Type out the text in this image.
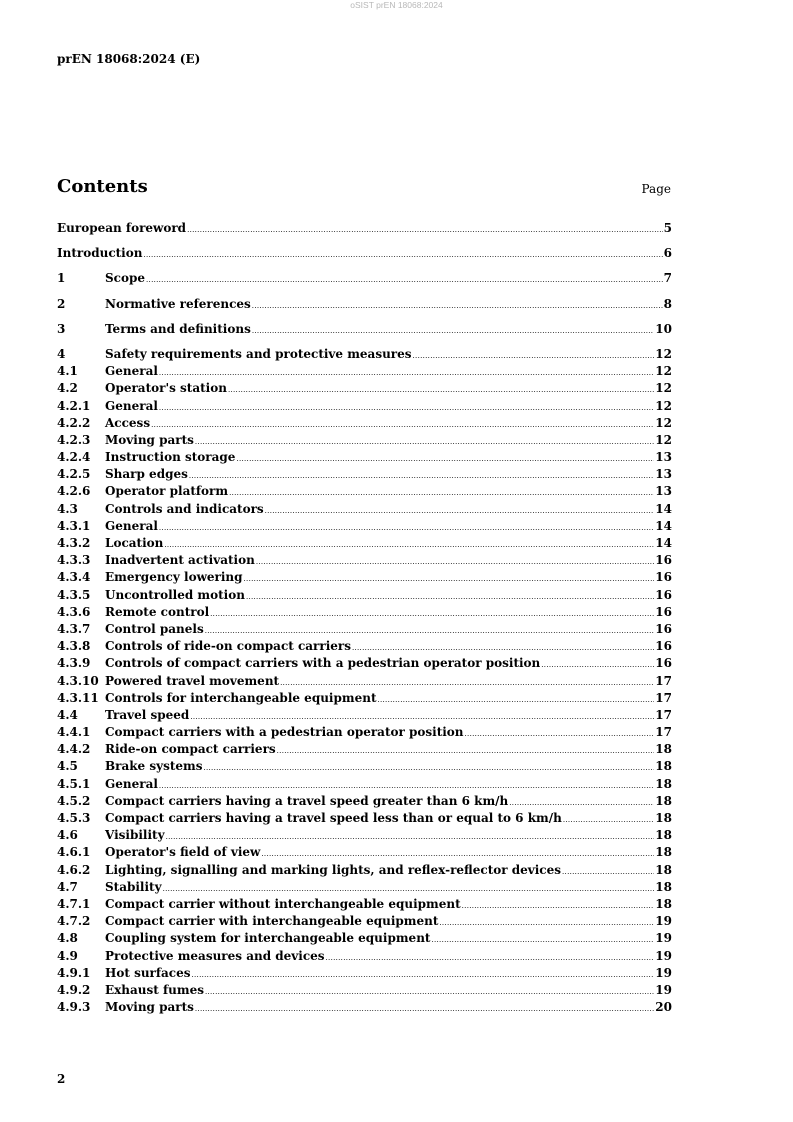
oSIST prEN 18068:2024
prEN 18068:2024 (E)
Contents	Page
European foreword .....	5
Introduction .....	6
1	Scope .....	7
2	Normative references .....	8
3	Terms and definitions .....	10
4	Safety requirements and protective measures .....	12
4.1	General .....	12
4.2	Operator's station .....	12
4.2.1	General .....	12
4.2.2	Access .....	12
4.2.3	Moving parts .....	12
4.2.4	Instruction storage .....	13
4.2.5	Sharp edges .....	13
4.2.6	Operator platform .....	13
4.3	Controls and indicators .....	14
4.3.1	General .....	14
4.3.2	Location .....	14
4.3.3	Inadvertent activation .....	16
4.3.4	Emergency lowering .....	16
4.3.5	Uncontrolled motion .....	16
4.3.6	Remote control .....	16
4.3.7	Control panels .....	16
4.3.8	Controls of ride-on compact carriers .....	16
4.3.9	Controls of compact carriers with a pedestrian operator position .....	16
4.3.10 Powered travel movement .....	17
4.3.11 Controls for interchangeable equipment .....	17
4.4	Travel speed .....	17
4.4.1	Compact carriers with a pedestrian operator position .....	17
4.4.2	Ride-on compact carriers .....	18
4.5	Brake systems .....	18
4.5.1	General .....	18
4.5.2	Compact carriers having a travel speed greater than 6 km/h .....	18
4.5.3	Compact carriers having a travel speed less than or equal to 6 km/h .....	18
4.6	Visibility .....	18
4.6.1	Operator's field of view .....	18
4.6.2	Lighting, signalling and marking lights, and reflex-reflector devices .....	18
4.7	Stability .....	18
4.7.1	Compact carrier without interchangeable equipment .....	18
4.7.2	Compact carrier with interchangeable equipment .....	19
4.8	Coupling system for interchangeable equipment .....	19
4.9	Protective measures and devices .....	19
4.9.1	Hot surfaces .....	19
4.9.2	Exhaust fumes .....	19
4.9.3	Moving parts .....	20
2
